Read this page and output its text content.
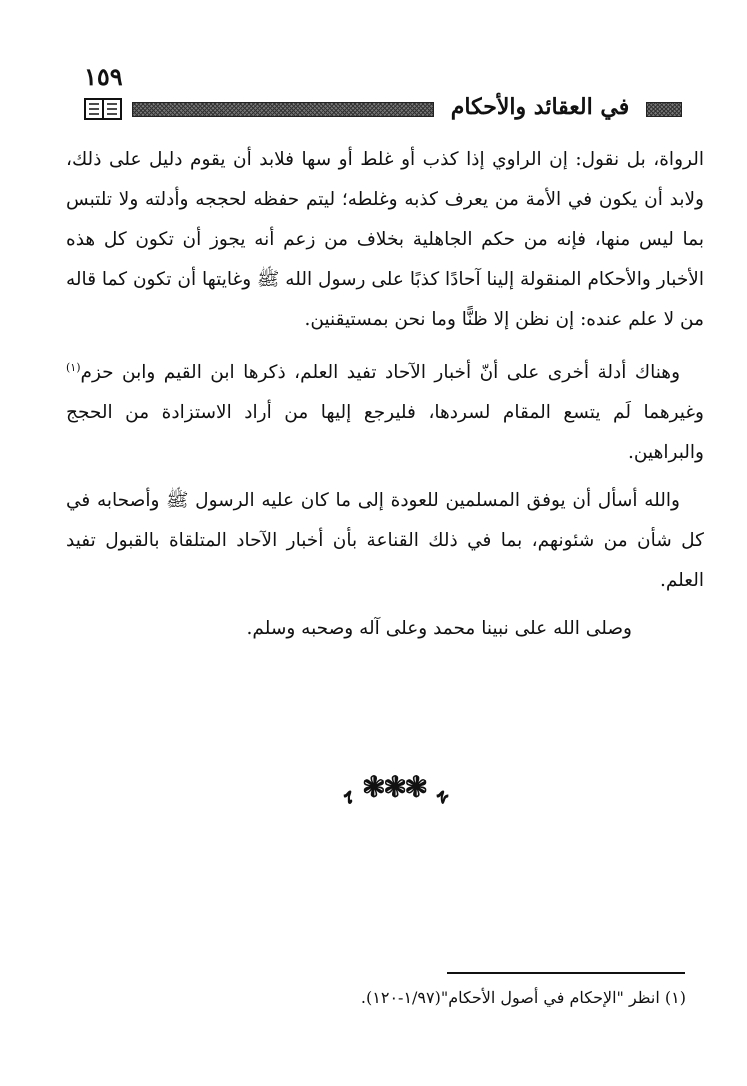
١٥٩
في العقائد والأحكام

الرواة، بل نقول: إن الراوي إذا كذب أو غلط أو سها فلابد أن يقوم دليل على ذلك، ولابد أن يكون في الأمة من يعرف كذبه وغلطه؛ ليتم حفظه لحججه وأدلته ولا تلتبس بما ليس منها، فإنه من حكم الجاهلية بخلاف من زعم أنه يجوز أن تكون كل هذه الأخبار والأحكام المنقولة إلينا آحادًا كذبًا على رسول الله ﷺ وغايتها أن تكون كما قاله من لا علم عنده: إن نظن إلا ظنًّا وما نحن بمستيقنين.

وهناك أدلة أخرى على أنّ أخبار الآحاد تفيد العلم، ذكرها ابن القيم وابن حزم$^{(١)}$ وغيرهما لَم يتسع المقام لسردها، فليرجع إليها من أراد الاستزادة من الحجج والبراهين.

والله أسأل أن يوفق المسلمين للعودة إلى ما كان عليه الرسول ﷺ وأصحابه في كل شأن من شئونهم، بما في ذلك القناعة بأن أخبار الآحاد المتلقاة بالقبول تفيد العلم.

وصلى الله على نبينا محمد وعلى آله وصحبه وسلم.

ﮩ ❃❃❃ ﮨ
(١) انظر "الإحكام في أصول الأحكام"(١/٩٧-١٢٠).
